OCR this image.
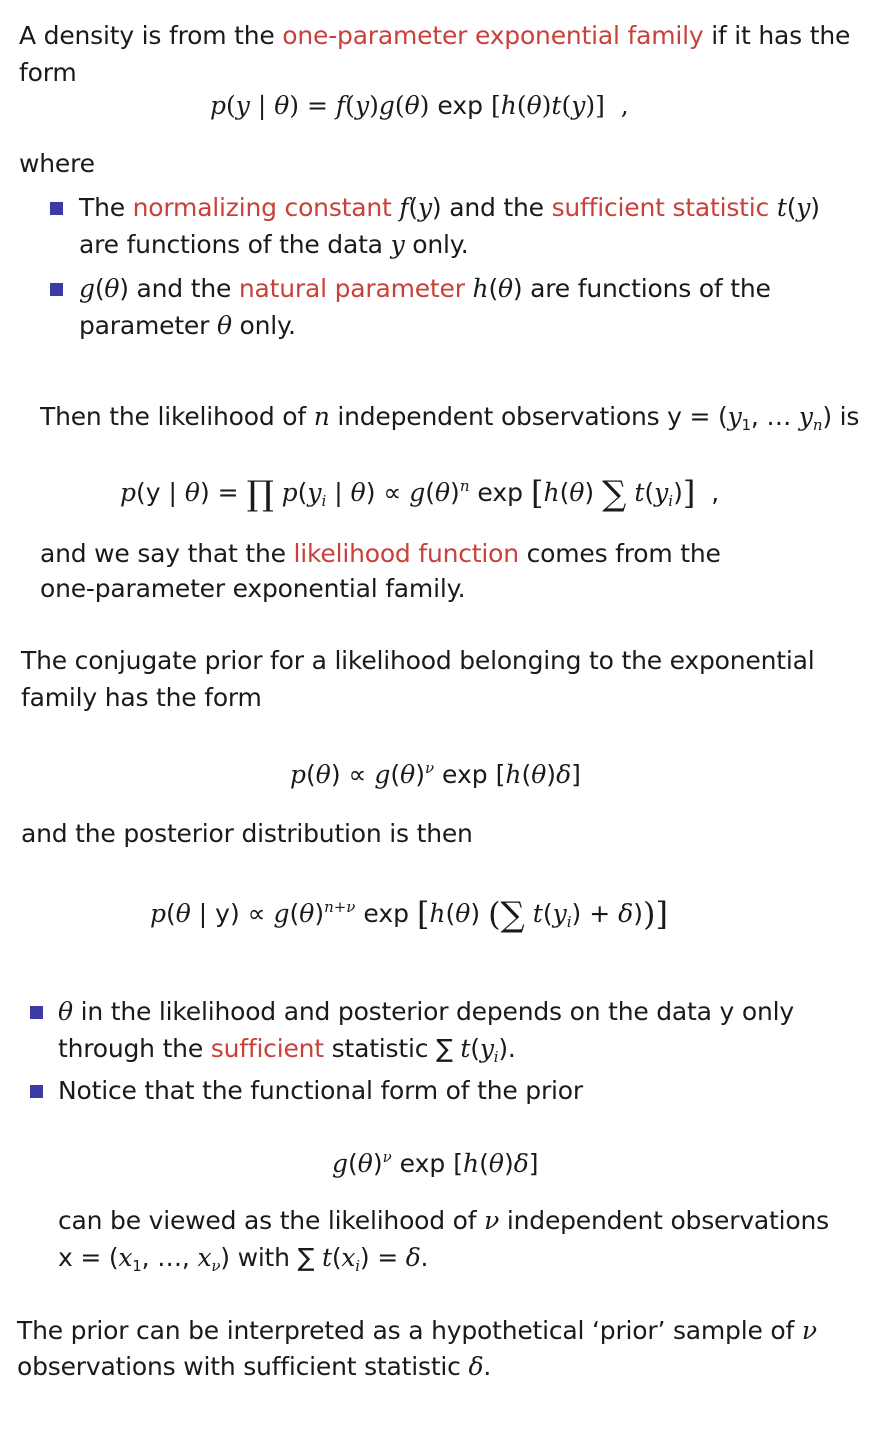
A density is from the one-parameter exponential family if it has the
form
p(y | θ) = f(y)g(θ) exp [h(θ)t(y)] ,
where
The normalizing constant f(y) and the sufficient statistic t(y)
are functions of the data y only.
g(θ) and the natural parameter h(θ) are functions of the
parameter θ only.
Then the likelihood of n independent observations $y = (y_1$, … $y_n$) is
p(y | θ) = ∏ $p(y_i$ | $\theta) \propto g(\theta)^n$ exp [h(θ) ∑ $t(y_i)$]  ,
and we say that the likelihood function comes from the
one-parameter exponential family.
The conjugate prior for a likelihood belonging to the exponential
family has the form
$p(\theta) \propto g(\theta)^\nu$ exp [h(θ)δ]
and the posterior distribution is then
p(θ | $y) \propto g(\theta)^{n+\nu}$ exp [h(θ) (∑ $t(y_i) + \delta$))]
θ in the likelihood and posterior depends on the data y only
through the sufficient statistic ∑ $t(y_i)$.
Notice that the functional form of the prior
$g(\theta)^\nu$ exp [h(θ)δ]
can be viewed as the likelihood of ν independent observations
$x = (x_1$, …, $x_\nu$) with ∑ $t(x_i) = \delta$.
The prior can be interpreted as a hypothetical ‘prior’ sample of ν
observations with sufficient statistic δ.
